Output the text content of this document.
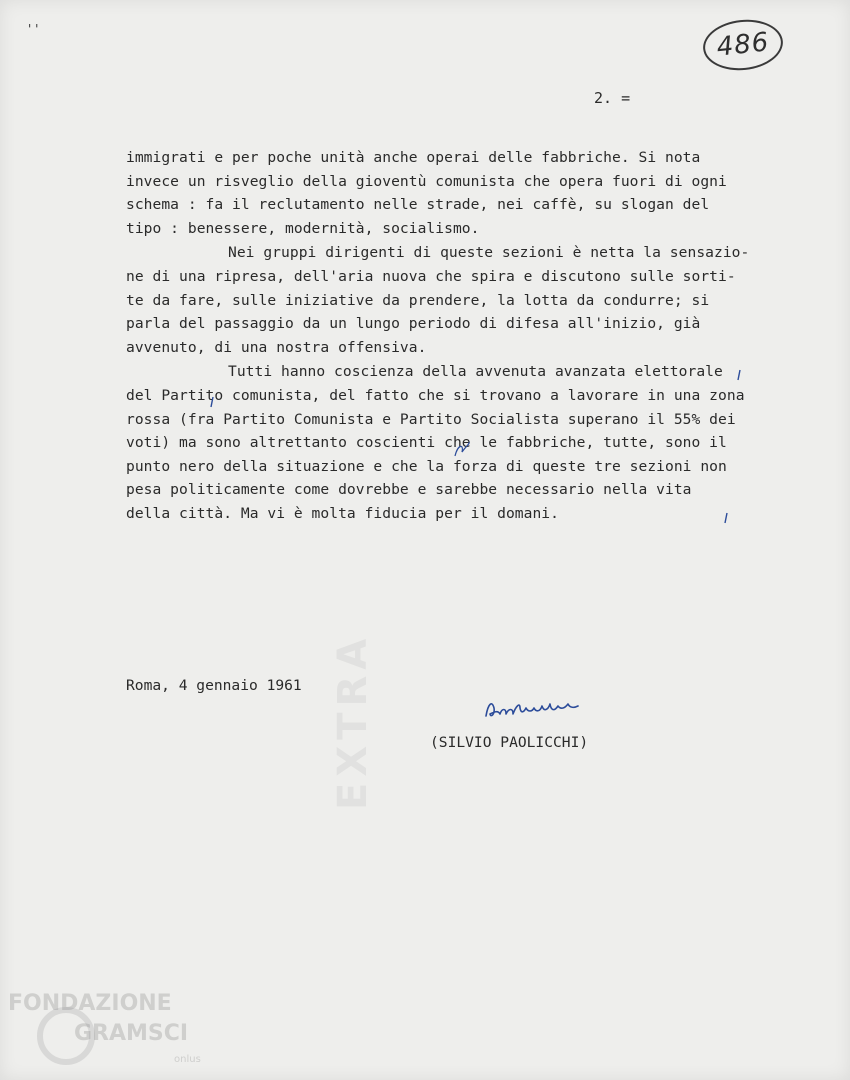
' '	486
2. =
EXTRA
immigrati e per poche unità anche operai delle fabbriche. Si nota
invece un risveglio della gioventù comunista che opera fuori di ogni
schema : fa il reclutamento nelle strade, nei caffè, su slogan del
tipo : benessere, modernità, socialismo.
Nei gruppi dirigenti di queste sezioni è netta la sensazio-
ne di una ripresa, dell'aria nuova che spira e discutono sulle sorti-
te da fare, sulle iniziative da prendere, la lotta da condurre; si
parla del passaggio da un lungo periodo di difesa all'inizio, già
avvenuto, di una nostra offensiva.
Tutti hanno coscienza della avvenuta avanzata elettorale
del Partito comunista, del fatto che si trovano a lavorare in una zona
rossa (fra Partito Comunista e Partito Socialista superano il 55% dei
voti) ma sono altrettanto coscienti che le fabbriche, tutte, sono il
punto nero della situazione e che la forza di queste tre sezioni non
pesa politicamente come dovrebbe e sarebbe necessario nella vita
della città. Ma vi è molta fiducia per il domani.
Roma, 4 gennaio 1961
(SILVIO PAOLICCHI)
FONDAZIONE
GRAMSCI
onlus
